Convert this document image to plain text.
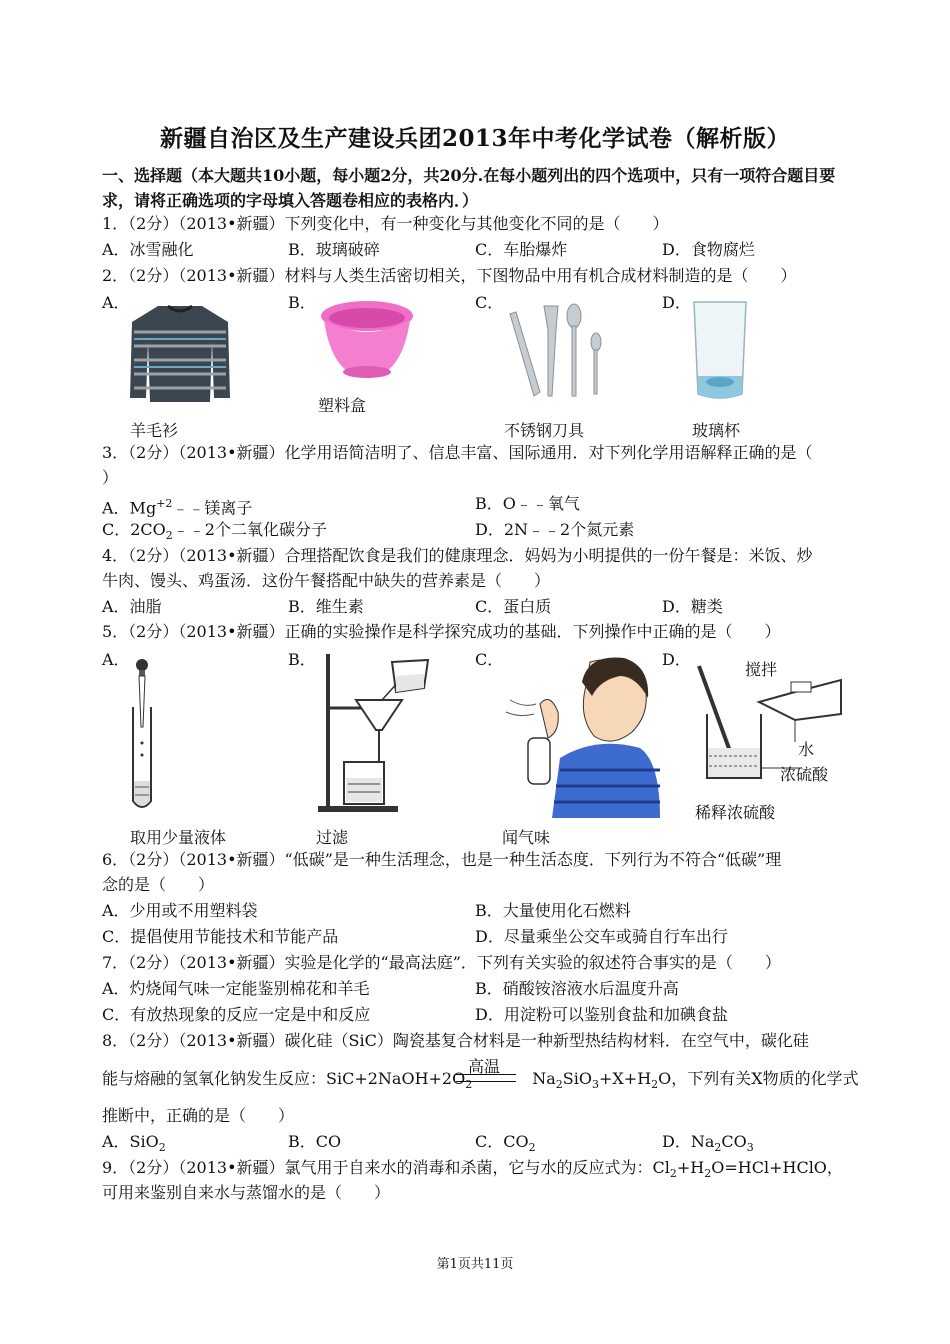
新疆自治区及生产建设兵团2013年中考化学试卷（解析版）
一、选择题（本大题共10小题，每小题2分，共20分.在每小题列出的四个选项中，只有一项符合题目要求，请将正确选项的字母填入答题卷相应的表格内．）
1．（2分）（2013•新疆）下列变化中，有一种变化与其他变化不同的是（　　）
A．冰雪融化	B．玻璃破碎	C．车胎爆炸	D．食物腐烂
2．（2分）（2013•新疆）材料与人类生活密切相关，下图物品中用有机合成材料制造的是（　　）
A．	B．	C．	D．
羊毛衫
塑料盒
不锈钢刀具	玻璃杯
3．（2分）（2013•新疆）化学用语简洁明了、信息丰富、国际通用．对下列化学用语解释正确的是（
）
A．$Mg^{+2}﹣﹣$镁离子	B．O﹣﹣氧气
C．$2CO_2﹣﹣2$个二氧化碳分子	D．2N﹣﹣2个氮元素
4．（2分）（2013•新疆）合理搭配饮食是我们的健康理念．妈妈为小明提供的一份午餐是：米饭、炒
牛肉、馒头、鸡蛋汤．这份午餐搭配中缺失的营养素是（　　）
A．油脂	B．维生素	C．蛋白质	D．糖类
5．（2分）（2013•新疆）正确的实验操作是科学探究成功的基础．下列操作中正确的是（　　）
A．	B．	C．	D．
取用少量液体	过滤	闻气味
搅拌
水
浓硫酸
稀释浓硫酸
6．（2分）（2013•新疆）“低碳”是一种生活理念，也是一种生活态度．下列行为不符合“低碳”理
念的是（　　）
A．少用或不用塑料袋	B．大量使用化石燃料
C．提倡使用节能技术和节能产品	D．尽量乘坐公交车或骑自行车出行
7．（2分）（2013•新疆）实验是化学的“最高法庭”．下列有关实验的叙述符合事实的是（　　）
A．灼烧闻气味一定能鉴别棉花和羊毛	B．硝酸铵溶液水后温度升高
C．有放热现象的反应一定是中和反应	D．用淀粉可以鉴别食盐和加碘食盐
8．（2分）（2013•新疆）碳化硅（SiC）陶瓷基复合材料是一种新型热结构材料．在空气中，碳化硅
高温
能与熔融的氢氧化钠发生反应：$SiC+2NaOH+2O_2$	$Na_2SiO_3+X+H_2O$，下列有关X物质的化学式
推断中，正确的是（　　）
A．SiO$_2$	B．CO	C．$CO_2$	D．$Na_2CO_3$
9．（2分）（2013•新疆）氯气用于自来水的消毒和杀菌，它与水的反应式为：$Cl_2+H_2O=HCl+HClO$，
可用来鉴别自来水与蒸馏水的是（　　）
第1页共11页
